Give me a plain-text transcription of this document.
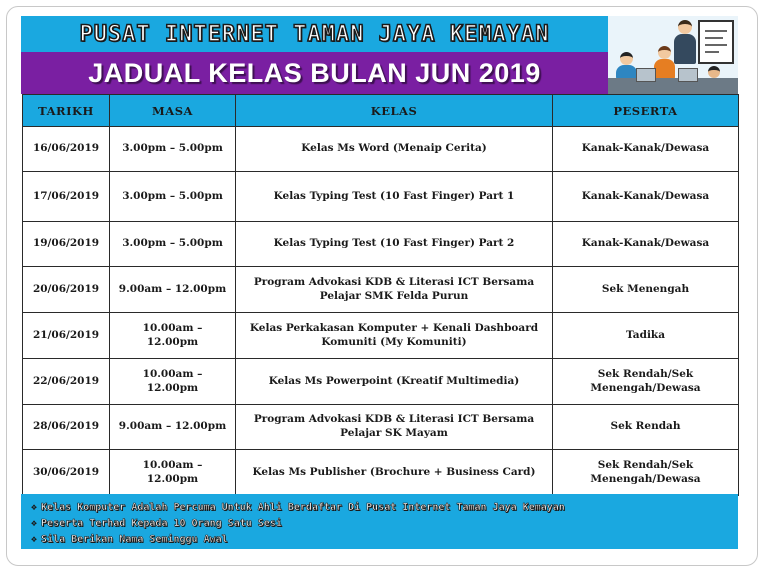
PUSAT INTERNET TAMAN JAYA KEMAYAN
JADUAL KELAS BULAN JUN 2019
TARIKH	MASA	KELAS	PESERTA
16/06/2019	3.00pm – 5.00pm	Kelas Ms Word (Menaip Cerita)	Kanak-Kanak/Dewasa
17/06/2019	3.00pm – 5.00pm	Kelas Typing Test (10 Fast Finger) Part 1	Kanak-Kanak/Dewasa
19/06/2019	3.00pm – 5.00pm	Kelas Typing Test (10 Fast Finger) Part 2	Kanak-Kanak/Dewasa
20/06/2019	9.00am – 12.00pm	Program Advokasi KDB & Literasi ICT Bersama Pelajar SMK Felda Purun	Sek Menengah
21/06/2019	10.00am – 12.00pm	Kelas Perkakasan Komputer + Kenali Dashboard Komuniti (My Komuniti)	Tadika
22/06/2019	10.00am – 12.00pm	Kelas Ms Powerpoint (Kreatif Multimedia)	Sek Rendah/Sek Menengah/Dewasa
28/06/2019	9.00am – 12.00pm	Program Advokasi KDB & Literasi ICT Bersama Pelajar SK Mayam	Sek Rendah
30/06/2019	10.00am – 12.00pm	Kelas Ms Publisher (Brochure + Business Card)	Sek Rendah/Sek Menengah/Dewasa
❖ Kelas Komputer Adalah Percuma Untuk Ahli Berdaftar Di Pusat Internet Taman Jaya Kemayan
❖ Peserta Terhad Kepada 10 Orang Satu Sesi
❖ Sila Berikan Nama Seminggu Awal
